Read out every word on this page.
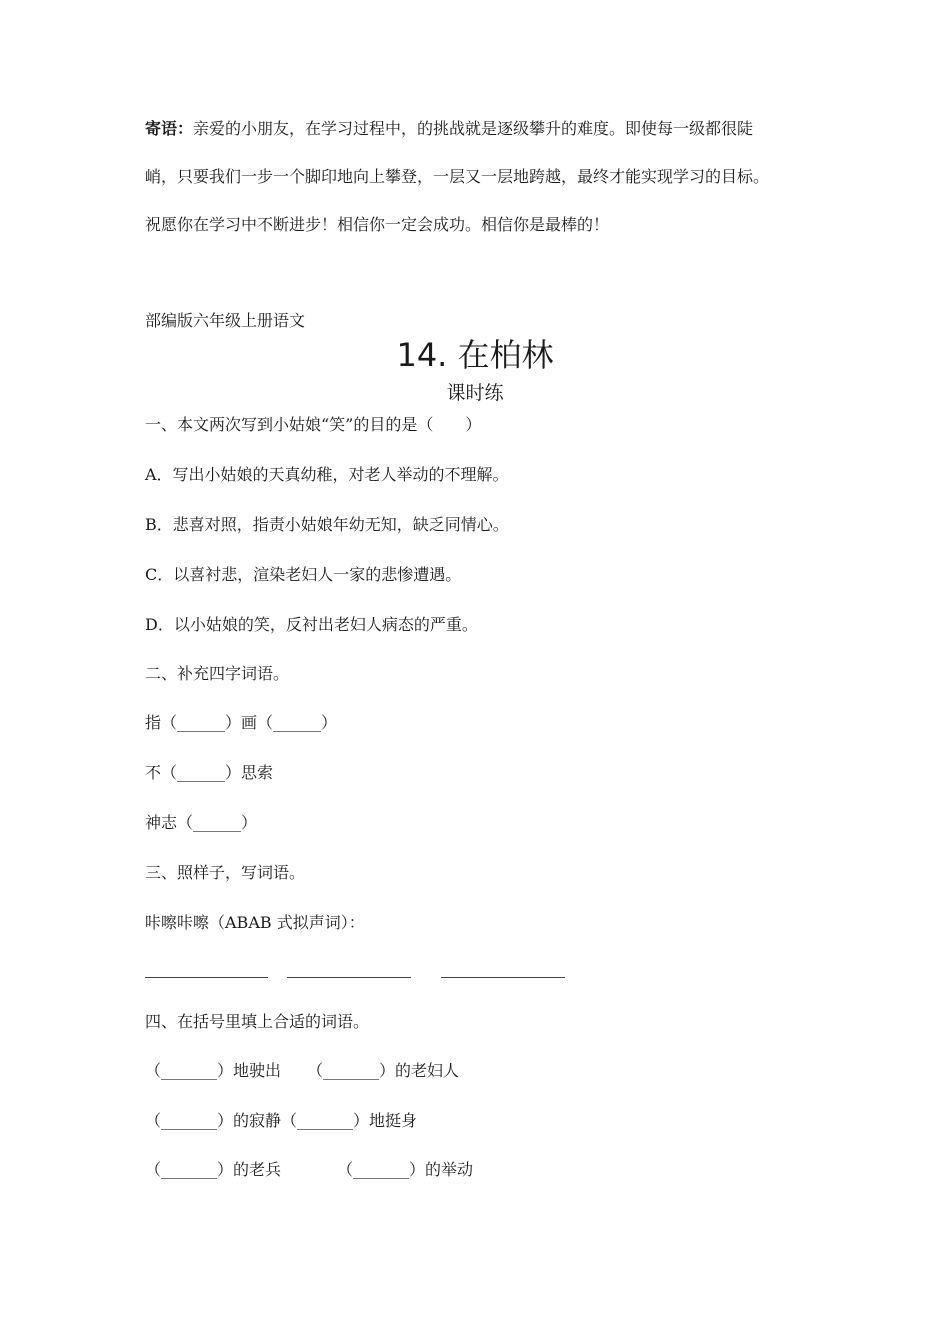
寄语：亲爱的小朋友，在学习过程中，的挑战就是逐级攀升的难度。即使每一级都很陡
峭，只要我们一步一个脚印地向上攀登，一层又一层地跨越，最终才能实现学习的目标。
祝愿你在学习中不断进步！相信你一定会成功。相信你是最棒的！
部编版六年级上册语文
14. 在柏林
课时练
一、本文两次写到小姑娘“笑”的目的是（　　）
A．写出小姑娘的天真幼稚，对老人举动的不理解。
B．悲喜对照，指责小姑娘年幼无知，缺乏同情心。
C．以喜衬悲，渲染老妇人一家的悲惨遭遇。
D．以小姑娘的笑，反衬出老妇人病态的严重。
二、补充四字词语。
指（______）画（______）
不（______）思索
神志（______）
三、照样子，写词语。
咔嚓咔嚓（ABAB 式拟声词）：
四、在括号里填上合适的词语。
（_______）地驶出 （_______）的老妇人
（_______）的寂静（_______）地挺身
（_______）的老兵	（_______）的举动
